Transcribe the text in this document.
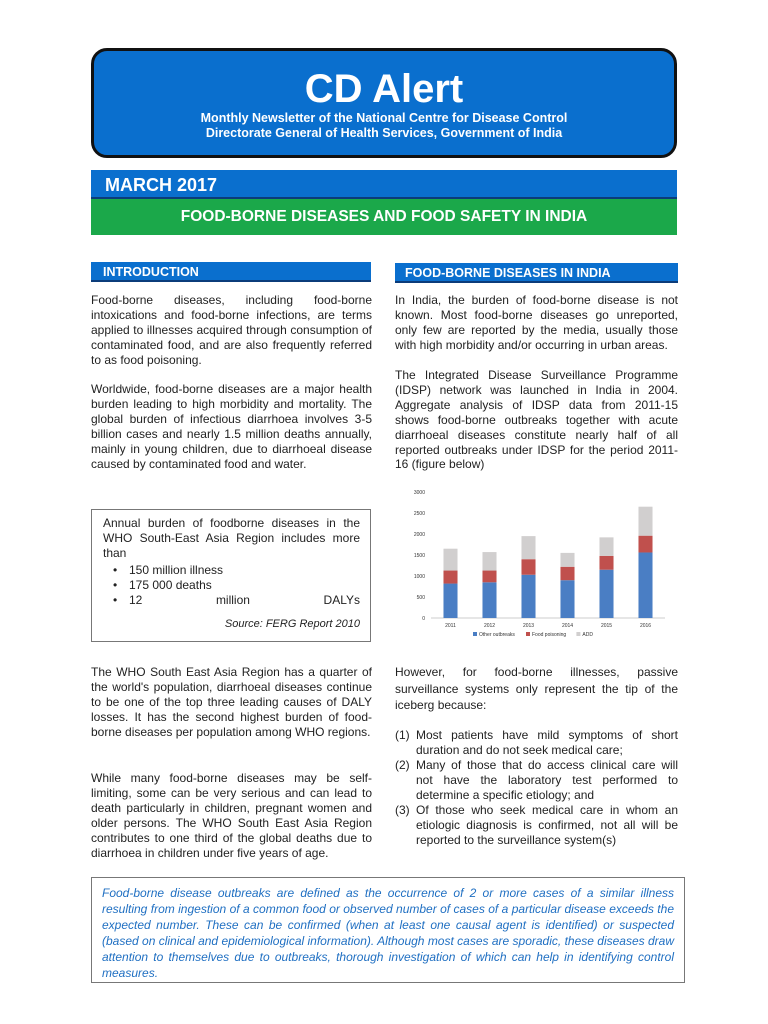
CD Alert
Monthly Newsletter of the National Centre for Disease Control
Directorate General of Health Services, Government of India
MARCH 2017
FOOD-BORNE DISEASES AND FOOD SAFETY IN INDIA
INTRODUCTION

Food-borne diseases, including food-borne intoxications and food-borne infections, are terms applied to illnesses acquired through consumption of contaminated food, and are also frequently referred to as food poisoning.

Worldwide, food-borne diseases are a major health burden leading to high morbidity and mortality. The global burden of infectious diarrhoea involves 3-5 billion cases and nearly 1.5 million deaths annually, mainly in young children, due to diarrhoeal disease caused by contaminated food and water.

Annual burden of foodborne diseases in the WHO South-East Asia Region includes more than

• 150 million illness
• 175 000 deaths
• 12 million DALYs
Source: FERG Report 2010

The WHO South East Asia Region has a quarter of the world's population, diarrhoeal diseases continue to be one of the top three leading causes of DALY losses. It has the second highest burden of food-borne diseases per population among WHO regions.

While many food-borne diseases may be self-limiting, some can be very serious and can lead to death particularly in children, pregnant women and older persons. The WHO South East Asia Region contributes to one third of the global deaths due to diarrhoea in children under five years of age.

FOOD-BORNE DISEASES IN INDIA

In India, the burden of food-borne disease is not known. Most food-borne diseases go unreported, only few are reported by the media, usually those with high morbidity and/or occurring in urban areas.

The Integrated Disease Surveillance Programme (IDSP) network was launched in India in 2004. Aggregate analysis of IDSP data from 2011-15 shows food-borne outbreaks together with acute diarrhoeal diseases constitute nearly half of all reported outbreaks under IDSP for the period 2011-16 (figure below)

0
500
1000
1500
2000
2500
3000
2011	2012	2013	2014	2015	2016
Other outbreaks	Food poisoning	ADD

However, for food-borne illnesses, passive surveillance systems only represent the tip of the iceberg because:

(1) Most patients have mild symptoms of short duration and do not seek medical care;
(2) Many of those that do access clinical care will not have the laboratory test performed to determine a specific etiology; and
(3) Of those who seek medical care in whom an etiologic diagnosis is confirmed, not all will be reported to the surveillance system(s)

Food-borne disease outbreaks are defined as the occurrence of 2 or more cases of a similar illness resulting from ingestion of a common food or observed number of cases of a particular disease exceeds the expected number. These can be confirmed (when at least one causal agent is identified) or suspected (based on clinical and epidemiological information). Although most cases are sporadic, these diseases draw attention to themselves due to outbreaks, thorough investigation of which can help in identifying control measures.
